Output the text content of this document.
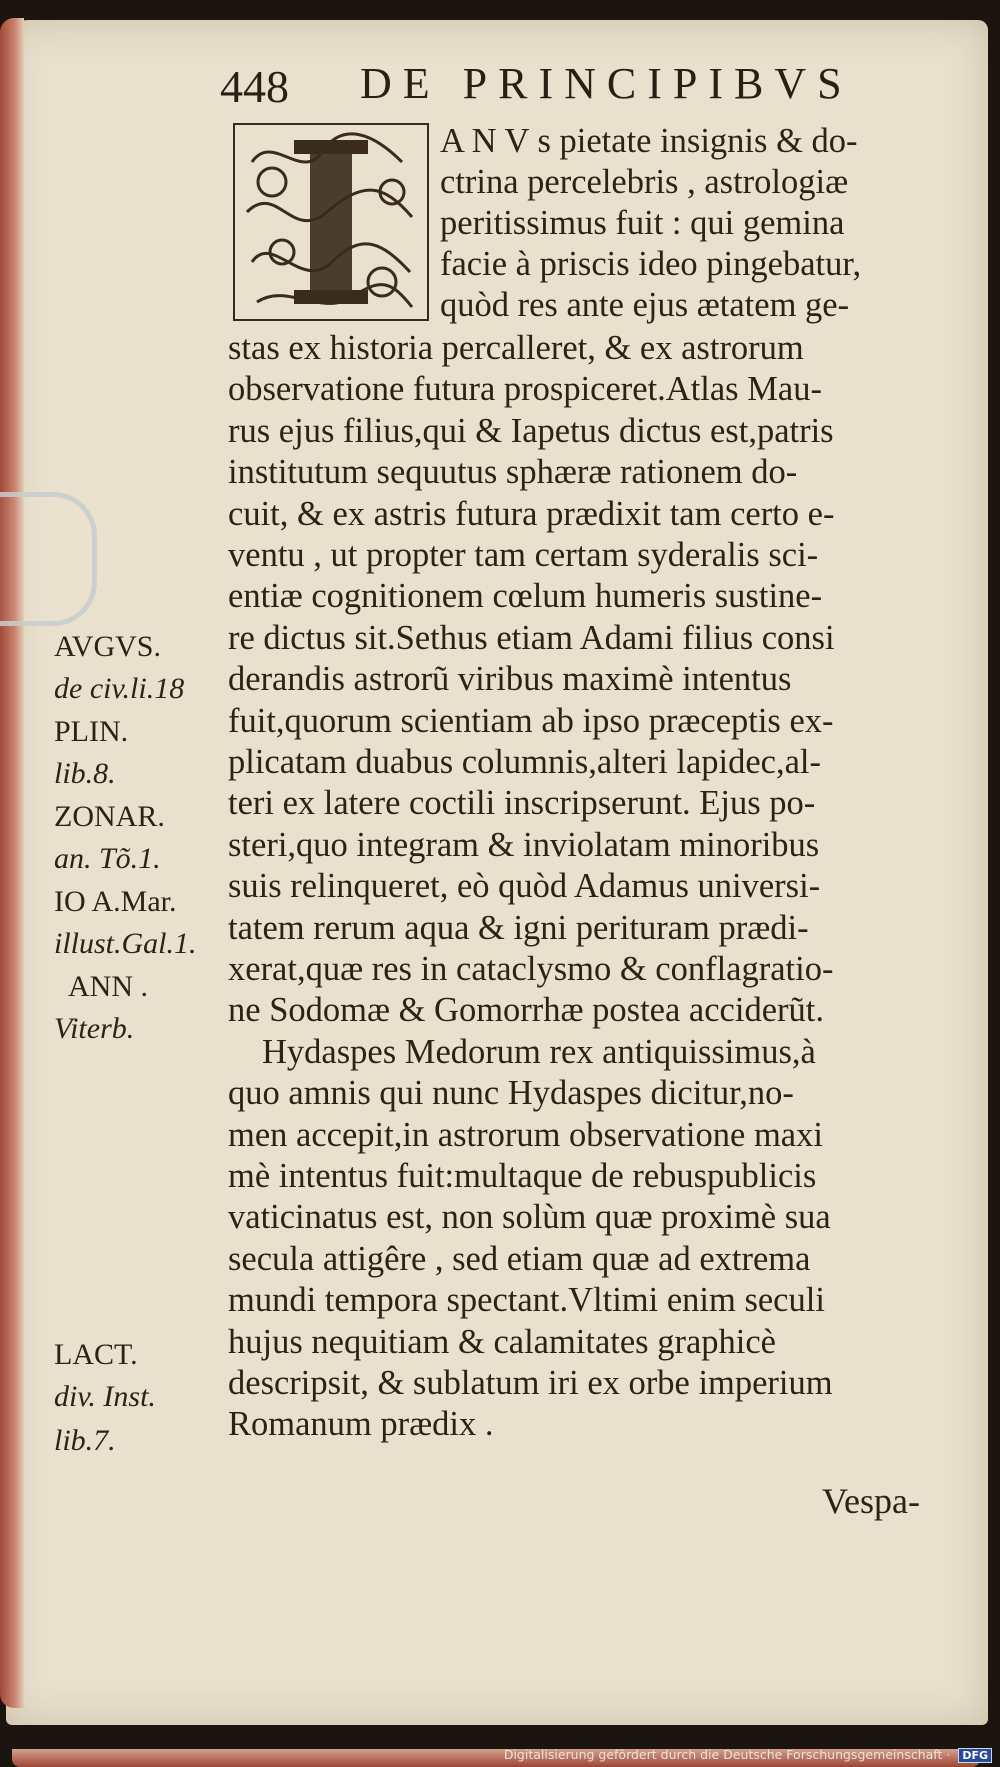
448 DE PRINCIPIBVS
A N V s pietate insignis & do-
ctrina percelebris , astrologiæ
peritissimus fuit : qui gemina
facie à priscis ideo pingebatur,
quòd res ante ejus ætatem ge-
stas ex historia percalleret, & ex astrorum
observatione futura prospiceret.Atlas Mau-
rus ejus filius,qui & Iapetus dictus est,patris
institutum sequutus sphæræ rationem do-
cuit, & ex astris futura prædixit tam certo e-
ventu , ut propter tam certam syderalis sci-
entiæ cognitionem cœlum humeris sustine-
re dictus sit.Sethus etiam Adami filius consi
derandis astrorũ viribus maximè intentus
fuit,quorum scientiam ab ipso præceptis ex-
plicatam duabus columnis,alteri lapidec,al-
teri ex latere coctili inscripserunt. Ejus po-
steri,quo integram & inviolatam minoribus
suis relinqueret, eò quòd Adamus universi-
tatem rerum aqua & igni perituram prædi-
xerat,quæ res in cataclysmo & conflagratio-
ne Sodomæ & Gomorrhæ postea acciderũt.
Hydaspes Medorum rex antiquissimus,à
quo amnis qui nunc Hydaspes dicitur,no-
men accepit,in astrorum observatione maxi
mè intentus fuit:multaque de rebuspublicis
vaticinatus est, non solùm quæ proximè sua
secula attigêre , sed etiam quæ ad extrema
mundi tempora spectant.Vltimi enim seculi
hujus nequitiam & calamitates graphicè
descripsit, & sublatum iri ex orbe imperium
Romanum prædix .
AVGVS.
de civ.li.18
PLIN.
lib.8.
ZONAR.
an. Tõ.1.
IO A.Mar.
illust.Gal.1.
ANN .
Viterb.
LACT.
div. Inst.
lib.7.
Vespa-
Digitalisierung gefördert durch die Deutsche Forschungsgemeinschaft · DFG
